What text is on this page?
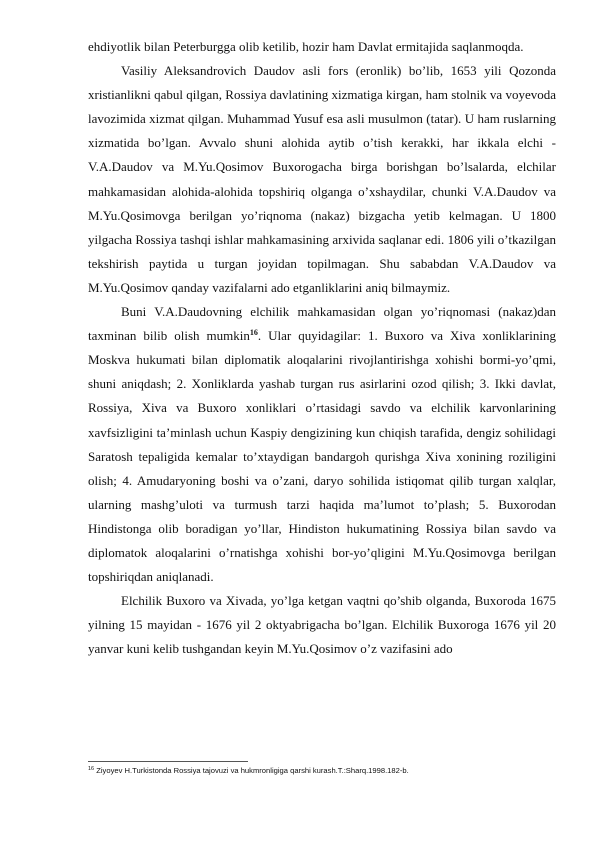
ehdiyotlik bilan Peterburgga olib ketilib, hozir ham Davlat ermitajida saqlanmoqda.

Vasiliy Aleksandrovich Daudov asli fors (eronlik) bo’lib, 1653 yili Qozonda xristianlikni qabul qilgan, Rossiya davlatining xizmatiga kirgan, ham stolnik va voyevoda lavozimida xizmat qilgan. Muhammad Yusuf esa asli musulmon (tatar). U ham ruslarning xizmatida bo’lgan. Avvalo shuni alohida aytib o’tish kerakki, har ikkala elchi - V.A.Daudov va M.Yu.Qosimov Buxorogacha birga borishgan bo’lsalarda, elchilar mahkamasidan alohida-alohida topshiriq olganga o’xshaydilar, chunki V.A.Daudov va M.Yu.Qosimovga berilgan yo’riqnoma (nakaz) bizgacha yetib kelmagan. U 1800 yilgacha Rossiya tashqi ishlar mahkamasining arxivida saqlanar edi. 1806 yili o’tkazilgan tekshirish paytida u turgan joyidan topilmagan. Shu sababdan V.A.Daudov va M.Yu.Qosimov qanday vazifalarni ado etganliklarini aniq bilmaymiz.

Buni V.A.Daudovning elchilik mahkamasidan olgan yo’riqnomasi (nakaz)dan taxminan bilib olish mumkin$^{16}$. Ular quyidagilar: 1. Buxoro va Xiva xonliklarining Moskva hukumati bilan diplomatik aloqalarini rivojlantirishga xohishi bormi-yo’qmi, shuni aniqdash; 2. Xonliklarda yashab turgan rus asirlarini ozod qilish; 3. Ikki davlat, Rossiya, Xiva va Buxoro xonliklari o’rtasidagi savdo va elchilik karvonlarining xavfsizligini ta’minlash uchun Kaspiy dengizining kun chiqish tarafida, dengiz sohilidagi Saratosh tepaligida kemalar to’xtaydigan bandargoh qurishga Xiva xonining roziligini olish; 4. Amudaryoning boshi va o’zani, daryo sohilida istiqomat qilib turgan xalqlar, ularning mashg’uloti va turmush tarzi haqida ma’lumot to’plash; 5. Buxorodan Hindistonga olib boradigan yo’llar, Hindiston hukumatining Rossiya bilan savdo va diplomatok aloqalarini o’rnatishga xohishi bor-yo’qligini M.Yu.Qosimovga berilgan topshiriqdan aniqlanadi.

Elchilik Buxoro va Xivada, yo’lga ketgan vaqtni qo’shib olganda, Buxoroda 1675 yilning 15 mayidan - 1676 yil 2 oktyabrigacha bo’lgan. Elchilik Buxoroga 1676 yil 20 yanvar kuni kelib tushgandan keyin M.Yu.Qosimov o’z vazifasini ado

$^{16}$ Ziyoyev H.Turkistonda Rossiya tajovuzi va hukmronligiga qarshi kurash.T.:Sharq.1998.182-b.
